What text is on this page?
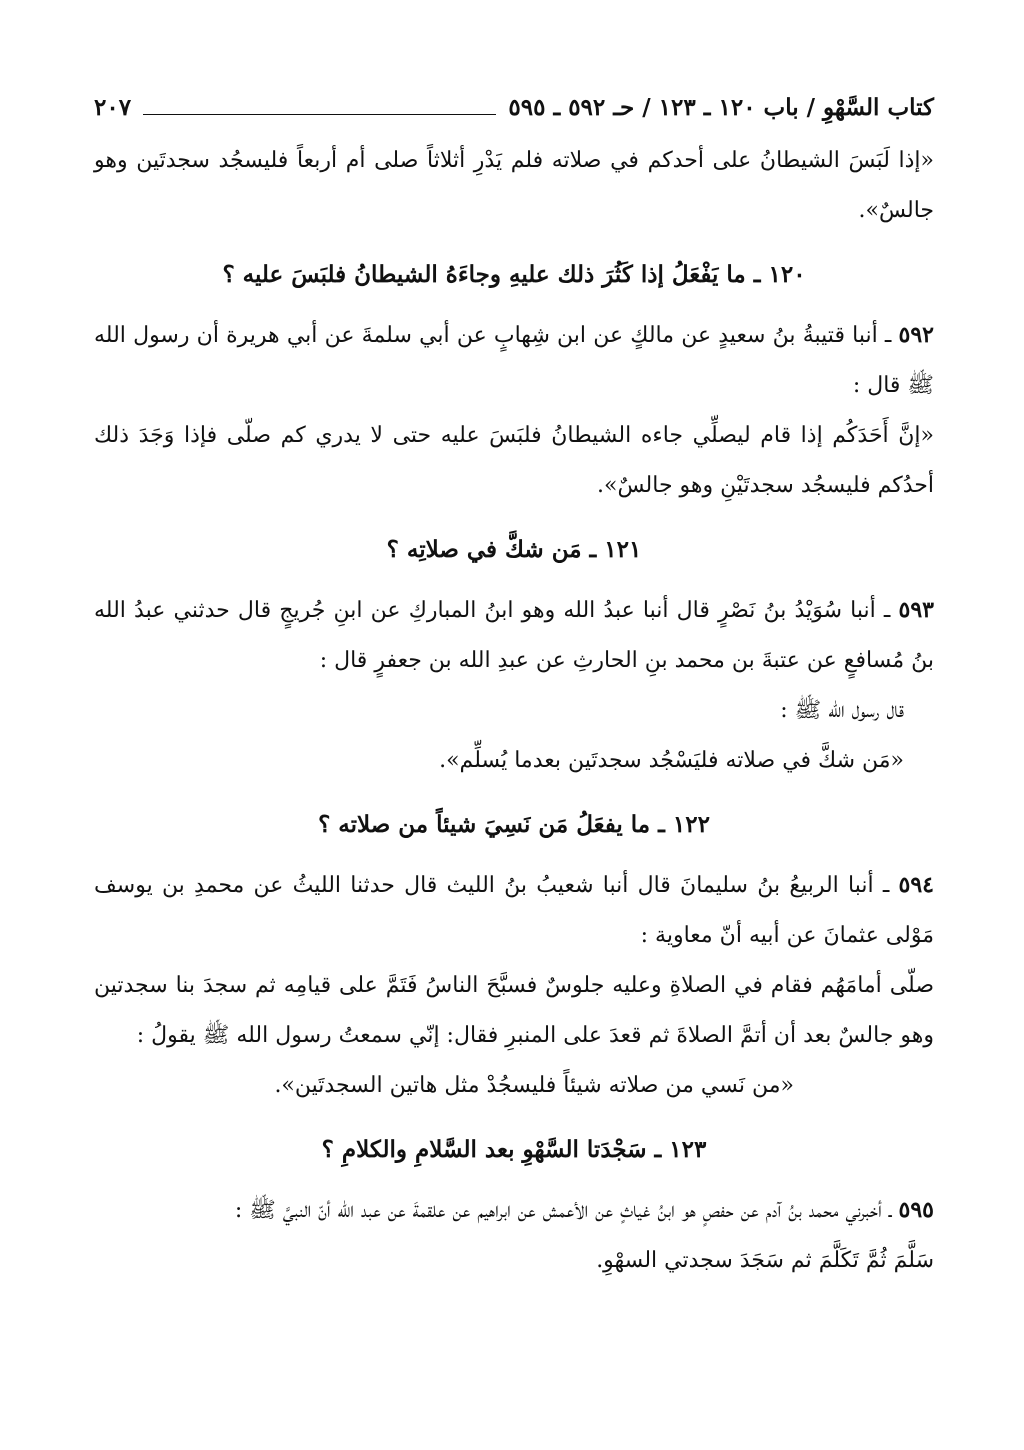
كتاب السَّهْوِ / باب ١٢٠ ـ ١٢٣ / حـ ٥٩٢ ـ ٥٩٥
٢٠٧

«إذا لَبَسَ الشيطانُ على أحدكم في صلاته فلم يَدْرِ أثلاثاً صلى أم أربعاً فليسجُد سجدتَين وهو جالسٌ».

١٢٠ ـ ما يَفْعَلُ إذا كَثُرَ ذلك عليهِ وجاءَهُ الشيطانُ فلبَسَ عليه ؟

٥٩٢ ـ أنبا قتيبةُ بنُ سعيدٍ عن مالكٍ عن ابن شِهابٍ عن أبي سلمةَ عن أبي هريرة أن رسول الله ﷺ قال :

«إنَّ أَحَدَكُم إذا قام ليصلِّي جاءه الشيطانُ فلبَسَ عليه حتى لا يدري كم صلّى فإذا وَجَدَ ذلك أحدُكم فليسجُد سجدتَيْنِ وهو جالسٌ».

١٢١ ـ مَن شكَّ في صلاتِه ؟

٥٩٣ ـ أنبا سُوَيْدُ بنُ نَصْرٍ قال أنبا عبدُ الله وهو ابنُ المباركِ عن ابنِ جُريجٍ قال حدثني عبدُ الله بنُ مُسافعٍ عن عتبةَ بن محمد بنِ الحارثِ عن عبدِ الله بن جعفرٍ قال :

قال رسول الله ﷺ :

«مَن شكَّ في صلاته فليَسْجُد سجدتَين بعدما يُسلِّم».

١٢٢ ـ ما يفعَلُ مَن نَسِيَ شيئاً من صلاته ؟

٥٩٤ ـ أنبا الربيعُ بنُ سليمانَ قال أنبا شعيبُ بنُ الليث قال حدثنا الليثُ عن محمدِ بن يوسف مَوْلى عثمانَ عن أبيه أنّ معاوية :

صلّى أمامَهُم فقام في الصلاةِ وعليه جلوسٌ فسبَّحَ الناسُ فَتَمَّ على قيامِه ثم سجدَ بنا سجدتين وهو جالسٌ بعد أن أتمَّ الصلاةَ ثم قعدَ على المنبرِ فقال: إنّي سمعتُ رسول الله ﷺ يقولُ :

«من نَسي من صلاته شيئاً فليسجُدْ مثل هاتين السجدتَين».

١٢٣ ـ سَجْدَتا السَّهْوِ بعد السَّلامِ والكلامِ ؟

٥٩٥ ـ أخبرني محمد بنُ آدم عن حفصٍ هو ابنُ غياثٍ عن الأعمش عن ابراهيم عن علقمةَ عن عبد الله أنّ النبيَّ ﷺ :

سَلَّمَ ثُمَّ تَكَلَّمَ ثم سَجَدَ سجدتي السهْوِ.
